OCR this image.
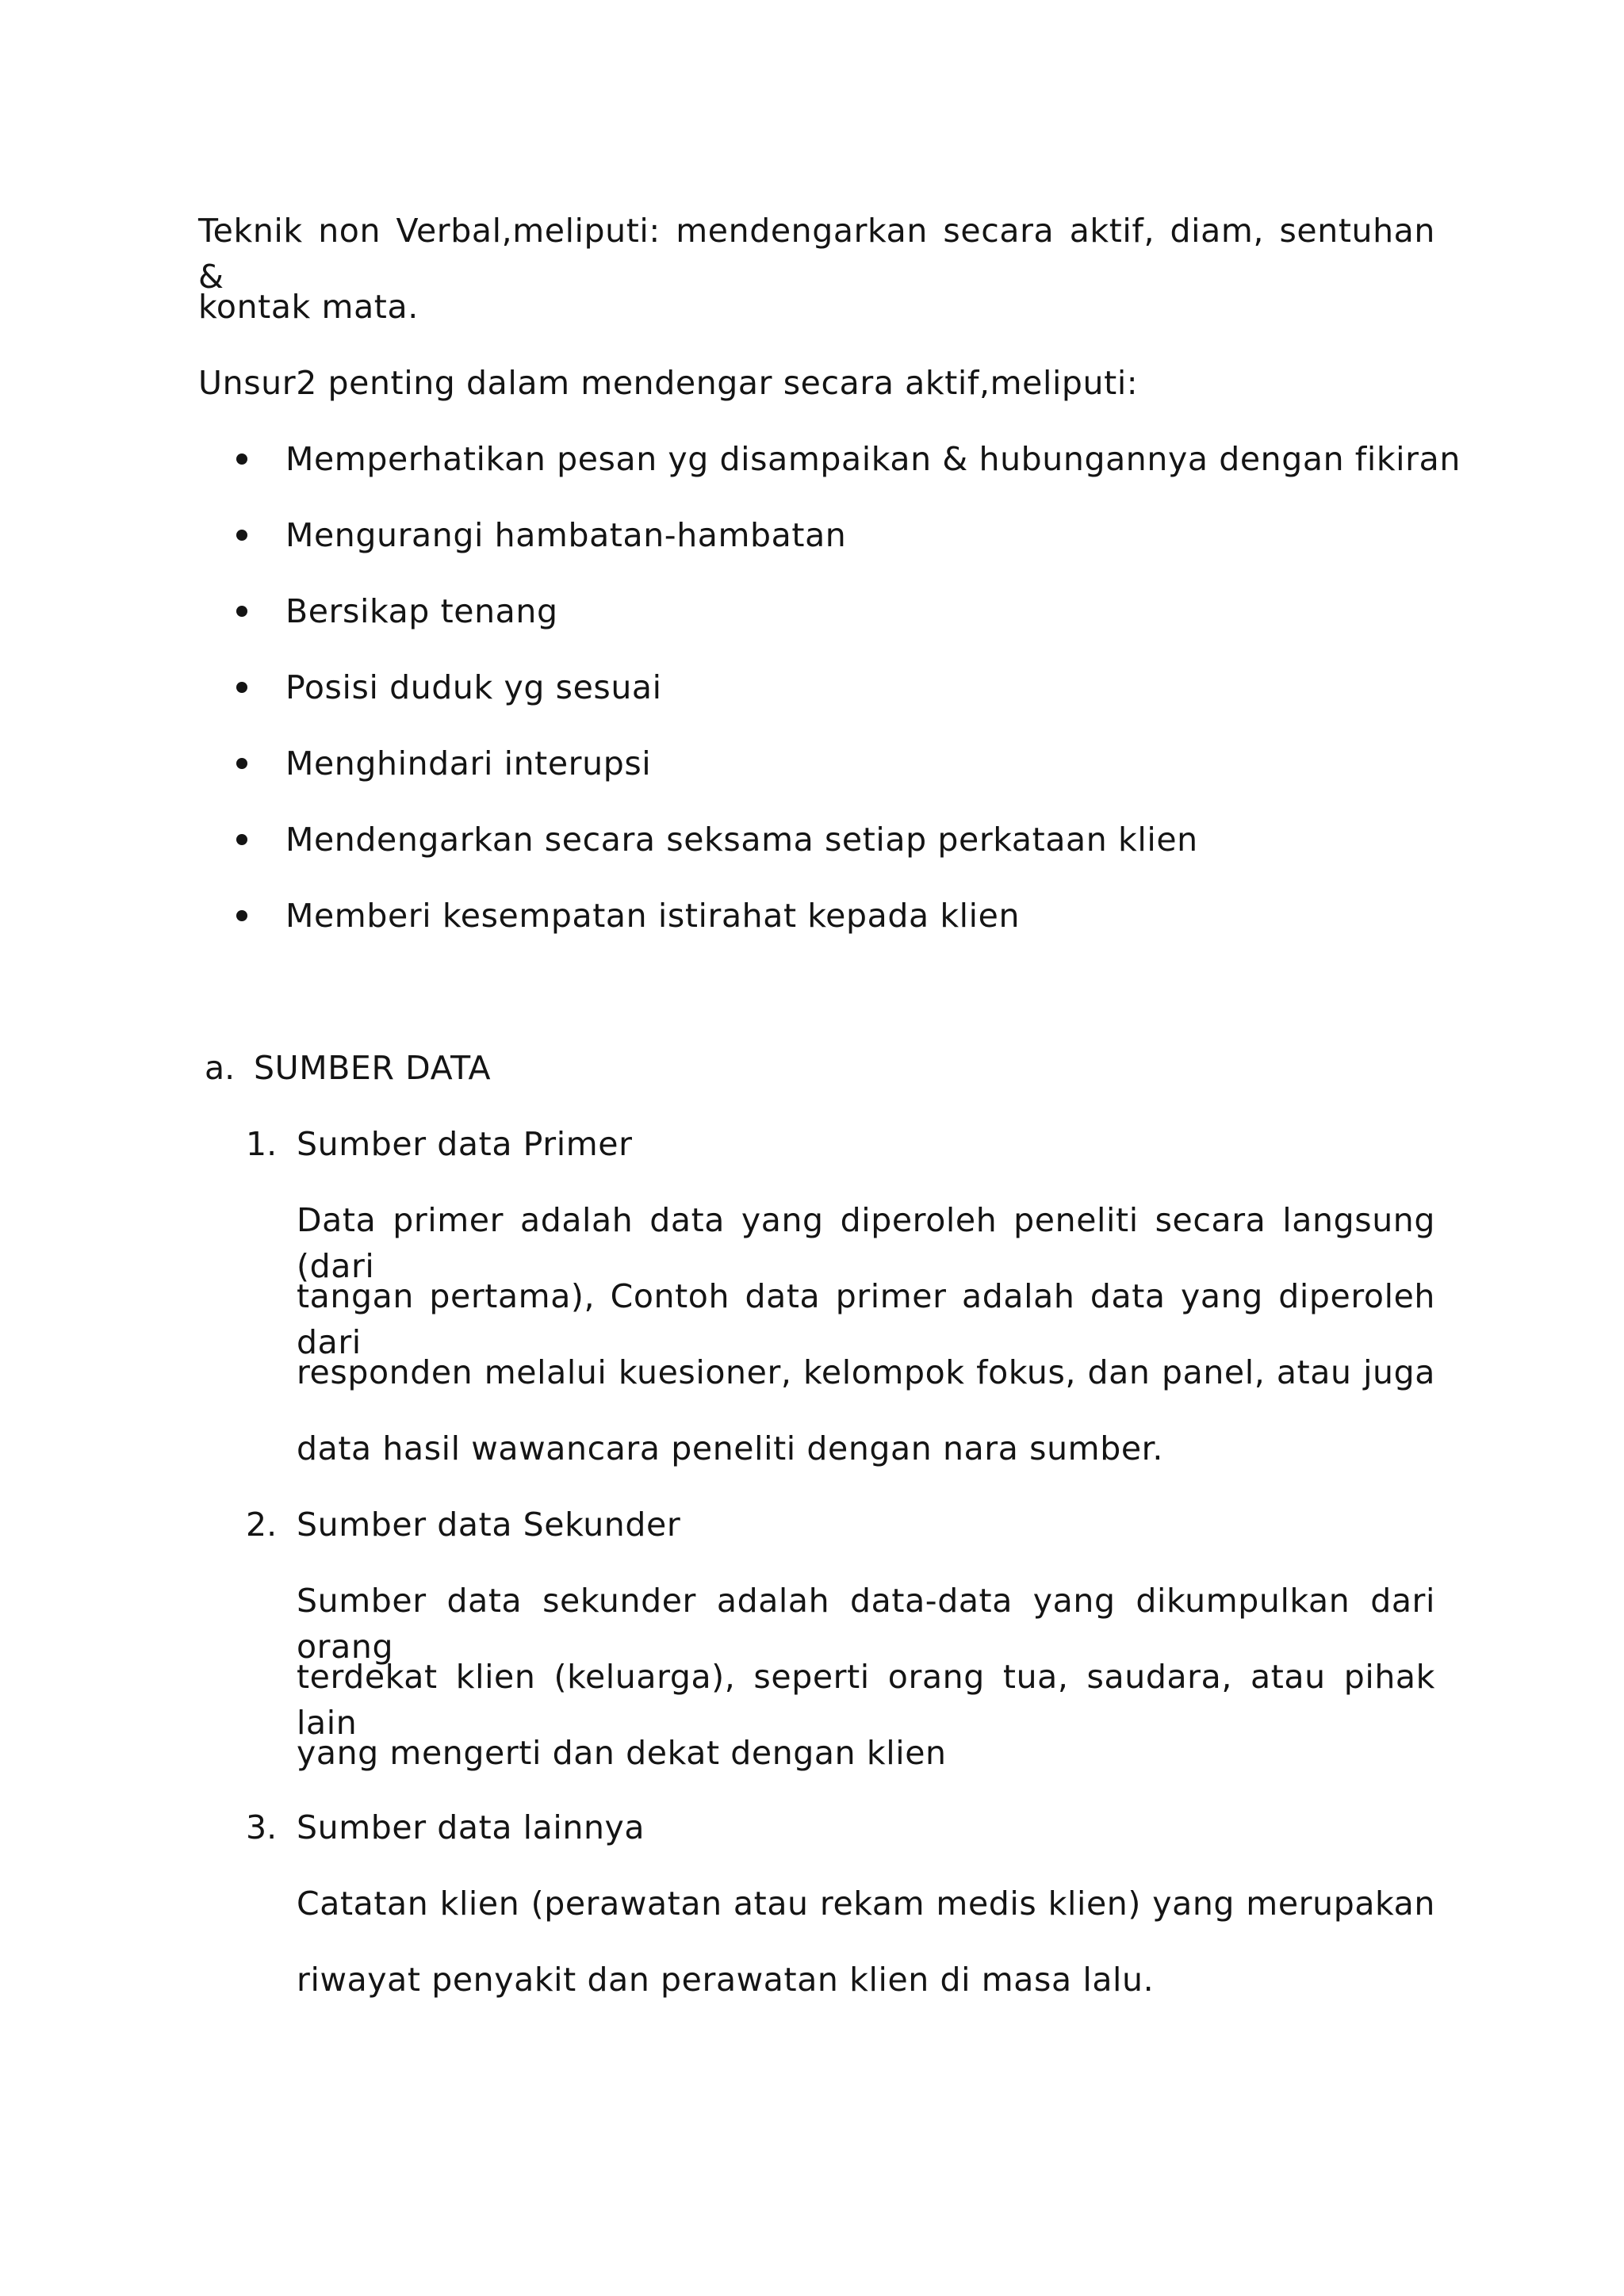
Teknik non Verbal,meliputi: mendengarkan secara aktif, diam, sentuhan &
kontak mata.
Unsur2 penting dalam mendengar secara aktif,meliputi:
Memperhatikan pesan yg disampaikan & hubungannya dengan fikiran
Mengurangi hambatan-hambatan
Bersikap tenang
Posisi duduk yg sesuai
Menghindari interupsi
Mendengarkan secara seksama setiap perkataan klien
Memberi kesempatan istirahat kepada klien
a. SUMBER DATA
1. Sumber data Primer
Data primer adalah data yang diperoleh peneliti secara langsung (dari
tangan pertama), Contoh data primer adalah data yang diperoleh dari
responden melalui kuesioner, kelompok fokus, dan panel, atau juga
data hasil wawancara peneliti dengan nara sumber.
2. Sumber data Sekunder
Sumber data sekunder adalah data-data yang dikumpulkan dari orang
terdekat klien (keluarga), seperti orang tua, saudara, atau pihak lain
yang mengerti dan dekat dengan klien
3. Sumber data lainnya
Catatan klien (perawatan atau rekam medis klien) yang merupakan
riwayat penyakit dan perawatan klien di masa lalu.
